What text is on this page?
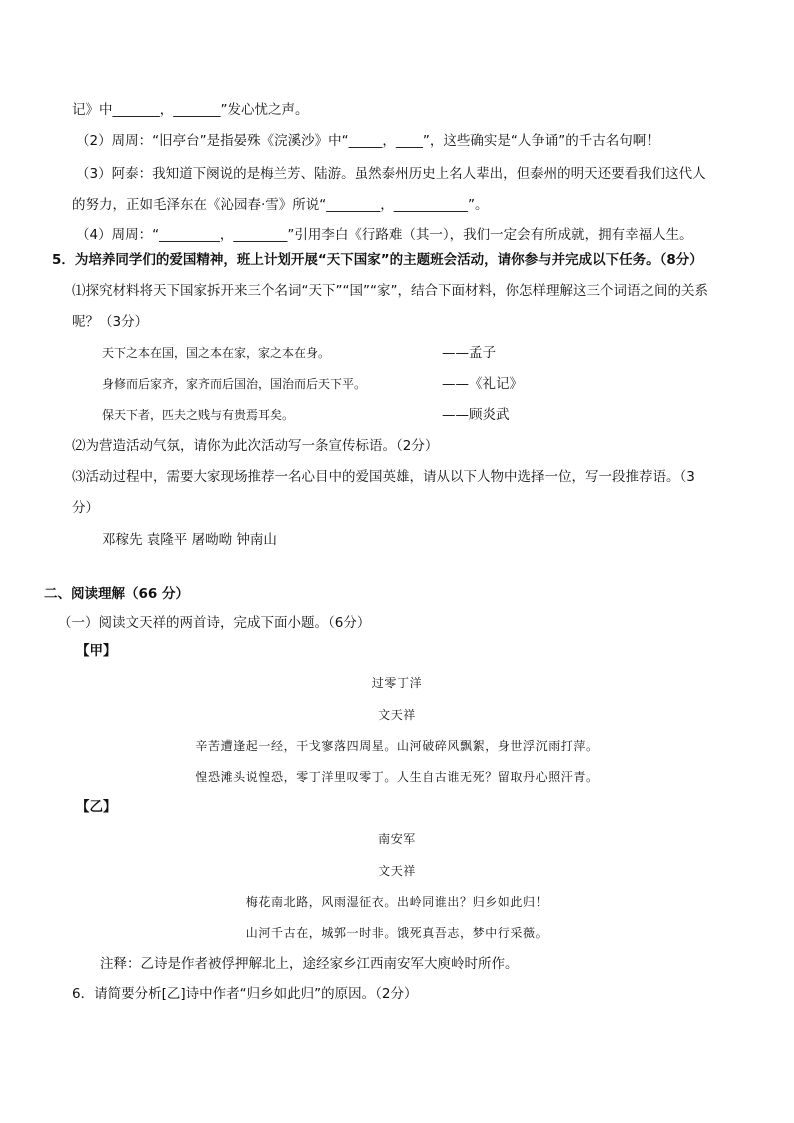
记》中_______，_______”发心忧之声。
（2）周周：“旧亭台”是指晏殊《浣溪沙》中“_____，____”，这些确实是“人争诵”的千古名句啊！
（3）阿泰：我知道下阕说的是梅兰芳、陆游。虽然泰州历史上名人辈出，但泰州的明天还要看我们这代人
的努力，正如毛泽东在《沁园春·雪》所说“________，___________”。
（4）周周：“_________，________”引用李白《行路难（其一），我们一定会有所成就，拥有幸福人生。
5．为培养同学们的爱国精神，班上计划开展“天下国家”的主题班会活动，请你参与并完成以下任务。（8分）
⑴探究材料将天下国家拆开来三个名词“天下”“国”“家”，结合下面材料，你怎样理解这三个词语之间的关系
呢？（3分）
天下之本在国，国之本在家，家之本在身。	——孟子
身修而后家齐，家齐而后国治，国治而后天下平。	——《礼记》
保天下者，匹夫之贱与有贵焉耳矣。	——顾炎武
⑵为营造活动气氛，请你为此次活动写一条宣传标语。（2分）
⑶活动过程中，需要大家现场推荐一名心目中的爱国英雄，请从以下人物中选择一位，写一段推荐语。（3
分）
邓稼先 袁隆平 屠呦呦 钟南山
二、阅读理解（66 分）
（一）阅读文天祥的两首诗，完成下面小题。（6分）
【甲】
过零丁洋
文天祥
辛苦遭逢起一经，干戈寥落四周星。山河破碎风飘絮，身世浮沉雨打萍。
惶恐滩头说惶恐，零丁洋里叹零丁。人生自古谁无死？留取丹心照汗青。
【乙】
南安军
文天祥
梅花南北路，风雨湿征衣。出岭同谁出？归乡如此归！
山河千古在，城郭一时非。饿死真吾志，梦中行采薇。
注释：乙诗是作者被俘押解北上，途经家乡江西南安军大庾岭时所作。
6．请简要分析[乙]诗中作者“归乡如此归”的原因。（2分）
